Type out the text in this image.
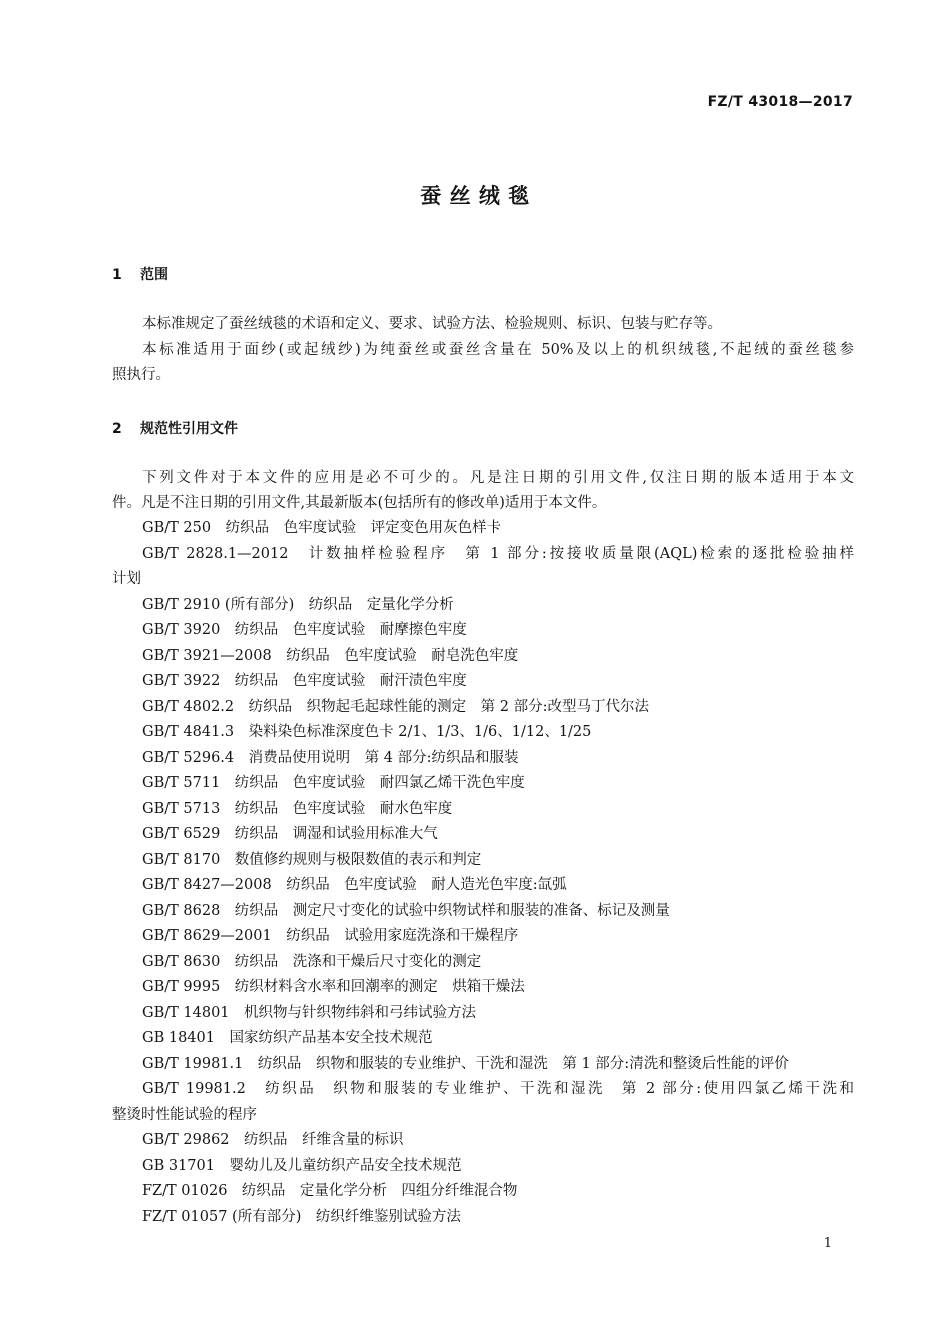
FZ/T 43018—2017
蚕 丝 绒 毯
1 范围
本标准规定了蚕丝绒毯的术语和定义、要求、试验方法、检验规则、标识、包装与贮存等。
本标准适用于面纱(或起绒纱)为纯蚕丝或蚕丝含量在 50%及以上的机织绒毯,不起绒的蚕丝毯参
照执行。
2 规范性引用文件
下列文件对于本文件的应用是必不可少的。凡是注日期的引用文件,仅注日期的版本适用于本文
件。凡是不注日期的引用文件,其最新版本(包括所有的修改单)适用于本文件。
GB/T 250　纺织品　色牢度试验　评定变色用灰色样卡
GB/T 2828.1—2012　计数抽样检验程序　第 1 部分:按接收质量限(AQL)检索的逐批检验抽样
计划
GB/T 2910 (所有部分)　纺织品　定量化学分析
GB/T 3920　纺织品　色牢度试验　耐摩擦色牢度
GB/T 3921—2008　纺织品　色牢度试验　耐皂洗色牢度
GB/T 3922　纺织品　色牢度试验　耐汗渍色牢度
GB/T 4802.2　纺织品　织物起毛起球性能的测定　第 2 部分:改型马丁代尔法
GB/T 4841.3　染料染色标准深度色卡 2/1、1/3、1/6、1/12、1/25
GB/T 5296.4　消费品使用说明　第 4 部分:纺织品和服装
GB/T 5711　纺织品　色牢度试验　耐四氯乙烯干洗色牢度
GB/T 5713　纺织品　色牢度试验　耐水色牢度
GB/T 6529　纺织品　调湿和试验用标准大气
GB/T 8170　数值修约规则与极限数值的表示和判定
GB/T 8427—2008　纺织品　色牢度试验　耐人造光色牢度:氙弧
GB/T 8628　纺织品　测定尺寸变化的试验中织物试样和服装的准备、标记及测量
GB/T 8629—2001　纺织品　试验用家庭洗涤和干燥程序
GB/T 8630　纺织品　洗涤和干燥后尺寸变化的测定
GB/T 9995　纺织材料含水率和回潮率的测定　烘箱干燥法
GB/T 14801　机织物与针织物纬斜和弓纬试验方法
GB 18401　国家纺织产品基本安全技术规范
GB/T 19981.1　纺织品　织物和服装的专业维护、干洗和湿洗　第 1 部分:清洗和整烫后性能的评价
GB/T 19981.2　纺织品　织物和服装的专业维护、干洗和湿洗　第 2 部分:使用四氯乙烯干洗和
整烫时性能试验的程序
GB/T 29862　纺织品　纤维含量的标识
GB 31701　婴幼儿及儿童纺织产品安全技术规范
FZ/T 01026　纺织品　定量化学分析　四组分纤维混合物
FZ/T 01057 (所有部分)　纺织纤维鉴别试验方法
1
